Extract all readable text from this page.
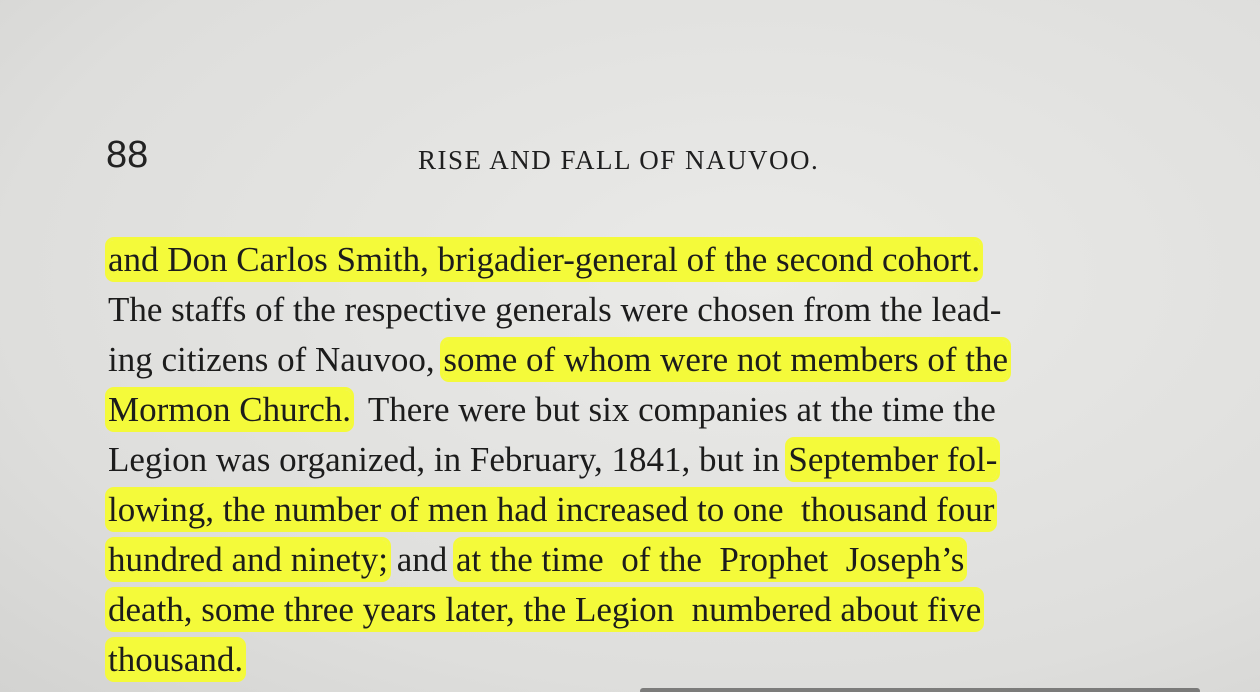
88	RISE AND FALL OF NAUVOO.
and Don Carlos Smith, brigadier-general of the second cohort.
The staffs of the respective generals were chosen from the lead-
ing citizens of Nauvoo, some of whom were not members of the
Mormon Church.  There were but six companies at the time the
Legion was organized, in February, 1841, but in September fol-
lowing, the number of men had increased to one  thousand four
hundred and ninety; and at the time  of the  Prophet  Joseph’s
death, some three years later, the Legion  numbered about five
thousand.
